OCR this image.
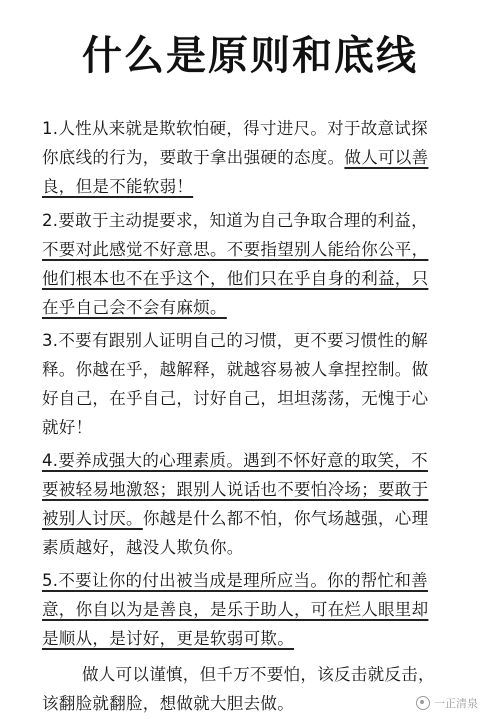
什么是原则和底线
1.人性从来就是欺软怕硬，得寸进尺。对于故意试探
你底线的行为，要敢于拿出强硬的态度。做人可以善
良，但是不能软弱！
2.要敢于主动提要求，知道为自己争取合理的利益，
不要对此感觉不好意思。不要指望别人能给你公平，
他们根本也不在乎这个，他们只在乎自身的利益，只
在乎自己会不会有麻烦。
3.不要有跟别人证明自己的习惯，更不要习惯性的解
释。你越在乎，越解释，就越容易被人拿捏控制。做
好自己，在乎自己，讨好自己，坦坦荡荡，无愧于心
就好！
4.要养成强大的心理素质。遇到不怀好意的取笑，不
要被轻易地激怒；跟别人说话也不要怕冷场；要敢于
被别人讨厌。你越是什么都不怕，你气场越强，心理
素质越好，越没人欺负你。
5.不要让你的付出被当成是理所应当。你的帮忙和善
意，你自以为是善良，是乐于助人，可在烂人眼里却
是顺从，是讨好，更是软弱可欺。
做人可以谨慎，但千万不要怕，该反击就反击，
该翻脸就翻脸，想做就大胆去做。	一正清泉
